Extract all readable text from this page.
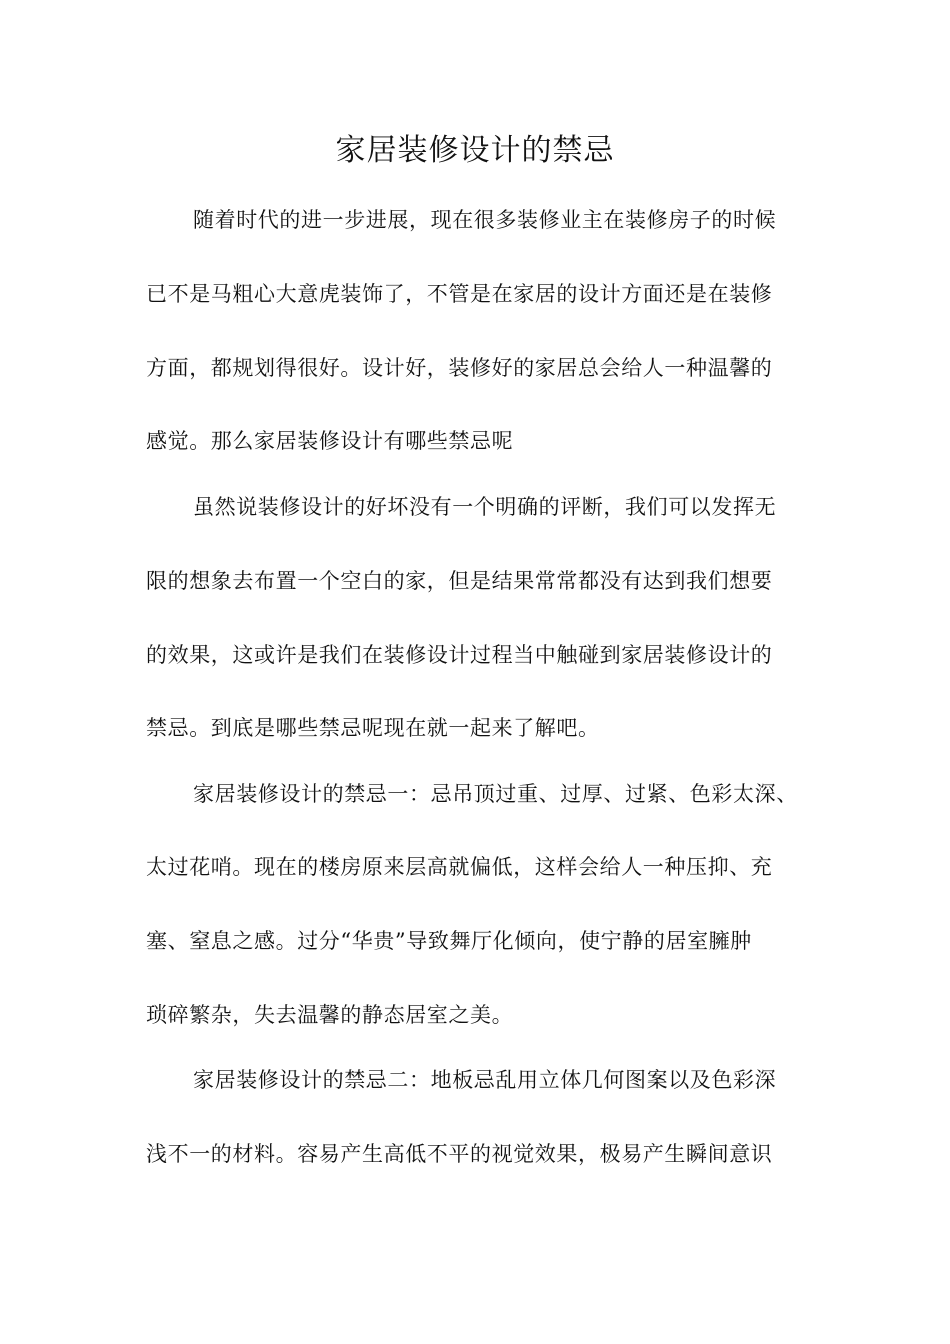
家居装修设计的禁忌

随着时代的进一步进展，现在很多装修业主在装修房子的时候

已不是马粗心大意虎装饰了，不管是在家居的设计方面还是在装修

方面，都规划得很好。设计好，装修好的家居总会给人一种温馨的

感觉。那么家居装修设计有哪些禁忌呢

虽然说装修设计的好坏没有一个明确的评断，我们可以发挥无

限的想象去布置一个空白的家，但是结果常常都没有达到我们想要

的效果，这或许是我们在装修设计过程当中触碰到家居装修设计的

禁忌。到底是哪些禁忌呢现在就一起来了解吧。

家居装修设计的禁忌一：忌吊顶过重、过厚、过紧、色彩太深、

太过花哨。现在的楼房原来层高就偏低，这样会给人一种压抑、充

塞、窒息之感。过分“华贵”导致舞厅化倾向，使宁静的居室臃肿

琐碎繁杂，失去温馨的静态居室之美。

家居装修设计的禁忌二：地板忌乱用立体几何图案以及色彩深

浅不一的材料。容易产生高低不平的视觉效果，极易产生瞬间意识
